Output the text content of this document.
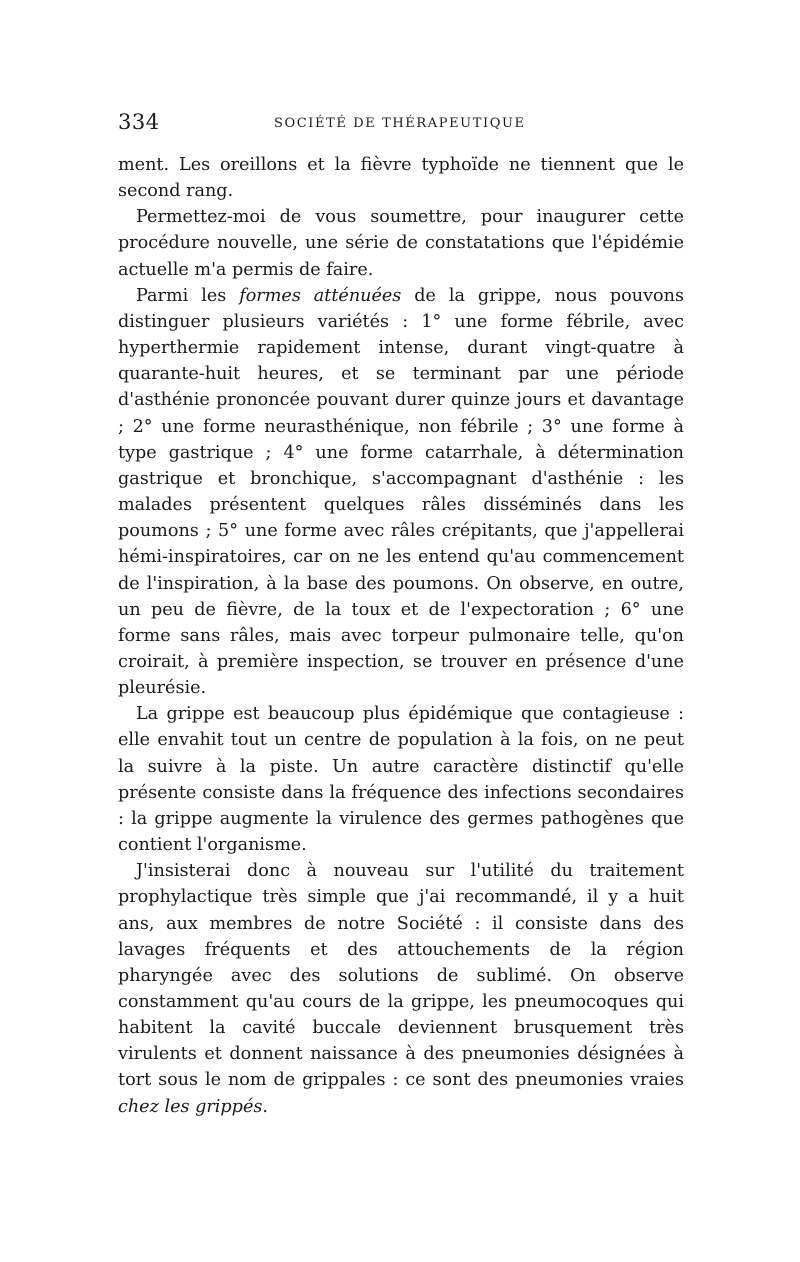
334	SOCIÉTÉ DE THÉRAPEUTIQUE

ment. Les oreillons et la fièvre typhoïde ne tiennent que le second rang.

Permettez-moi de vous soumettre, pour inaugurer cette procédure nouvelle, une série de constatations que l'épidémie actuelle m'a permis de faire.

Parmi les formes atténuées de la grippe, nous pouvons distinguer plusieurs variétés : 1° une forme fébrile, avec hyperthermie rapidement intense, durant vingt-quatre à quarante-huit heures, et se terminant par une période d'asthénie prononcée pouvant durer quinze jours et davantage ; 2° une forme neurasthénique, non fébrile ; 3° une forme à type gastrique ; 4° une forme catarrhale, à détermination gastrique et bronchique, s'accompagnant d'asthénie : les malades présentent quelques râles disséminés dans les poumons ; 5° une forme avec râles crépitants, que j'appellerai hémi-inspiratoires, car on ne les entend qu'au commencement de l'inspiration, à la base des poumons. On observe, en outre, un peu de fièvre, de la toux et de l'expectoration ; 6° une forme sans râles, mais avec torpeur pulmonaire telle, qu'on croirait, à première inspection, se trouver en présence d'une pleurésie.

La grippe est beaucoup plus épidémique que contagieuse : elle envahit tout un centre de population à la fois, on ne peut la suivre à la piste. Un autre caractère distinctif qu'elle présente consiste dans la fréquence des infections secondaires : la grippe augmente la virulence des germes pathogènes que contient l'organisme.

J'insisterai donc à nouveau sur l'utilité du traitement prophylactique très simple que j'ai recommandé, il y a huit ans, aux membres de notre Société : il consiste dans des lavages fréquents et des attouchements de la région pharyngée avec des solutions de sublimé. On observe constamment qu'au cours de la grippe, les pneumocoques qui habitent la cavité buccale deviennent brusquement très virulents et donnent naissance à des pneumonies désignées à tort sous le nom de grippales : ce sont des pneumonies vraies chez les grippés.
